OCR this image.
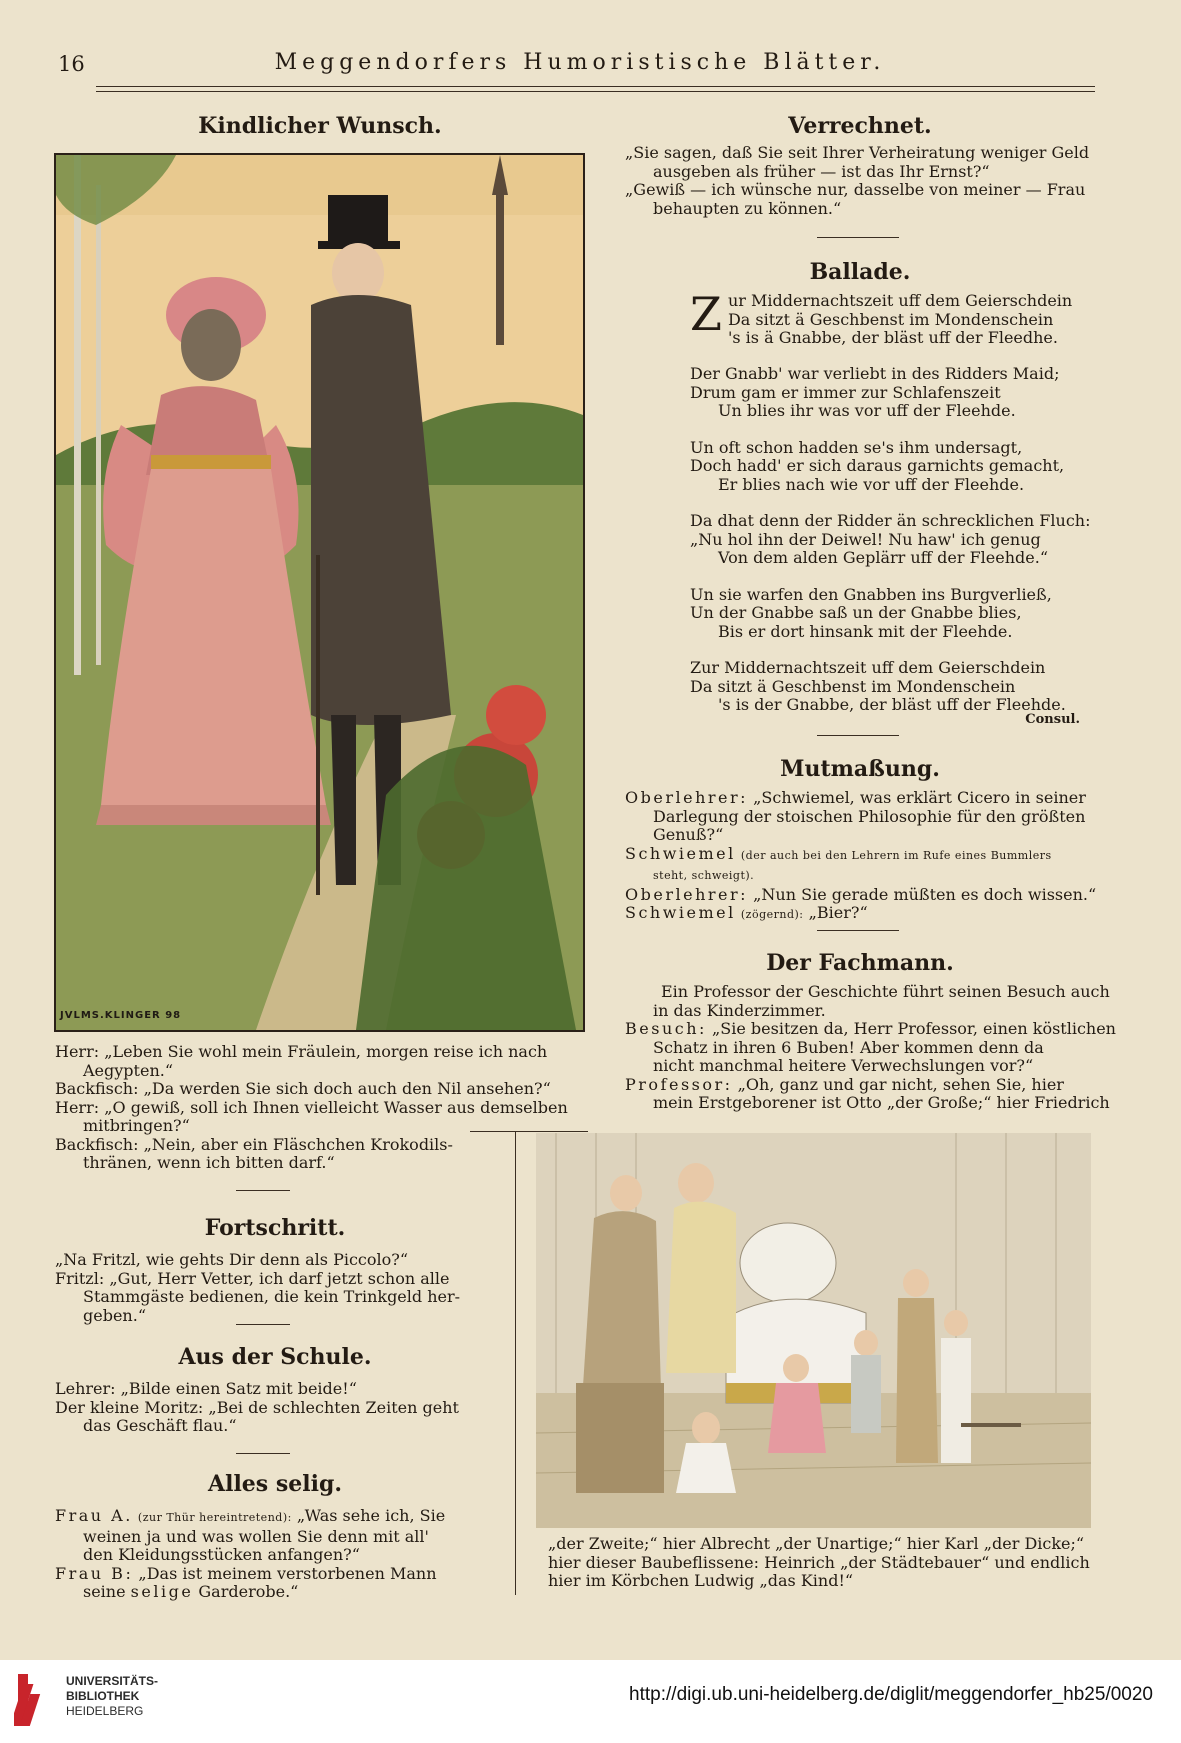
16	Meggendorfers Humoristische Blätter.
Kindlicher Wunsch.
JVLMS.KLINGER 98
Herr: „Leben Sie wohl mein Fräulein, morgen reise ich nach
Aegypten.“
Backfisch: „Da werden Sie sich doch auch den Nil ansehen?“
Herr: „O gewiß, soll ich Ihnen vielleicht Wasser aus demselben
mitbringen?“
Backfisch: „Nein, aber ein Fläschchen Krokodils-
thränen, wenn ich bitten darf.“
Fortschritt.
„Na Fritzl, wie gehts Dir denn als Piccolo?“
Fritzl: „Gut, Herr Vetter, ich darf jetzt schon alle
Stammgäste bedienen, die kein Trinkgeld her-
geben.“
Aus der Schule.
Lehrer: „Bilde einen Satz mit beide!“
Der kleine Moritz: „Bei de schlechten Zeiten geht
das Geschäft flau.“
Alles selig.
Frau A. (zur Thür hereintretend): „Was sehe ich, Sie
weinen ja und was wollen Sie denn mit all'
den Kleidungsstücken anfangen?“
Frau B: „Das ist meinem verstorbenen Mann
seine selige Garderobe.“
Verrechnet.
„Sie sagen, daß Sie seit Ihrer Verheiratung weniger Geld
ausgeben als früher — ist das Ihr Ernst?“
„Gewiß — ich wünsche nur, dasselbe von meiner — Frau
behaupten zu können.“
Ballade.
Z ur Middernachtszeit uff dem Geierschdein
Da sitzt ä Geschbenst im Mondenschein
's is ä Gnabbe, der bläst uff der Fleedhe.
Der Gnabb' war verliebt in des Ridders Maid;
Drum gam er immer zur Schlafenszeit
Un blies ihr was vor uff der Fleehde.
Un oft schon hadden se's ihm undersagt,
Doch hadd' er sich daraus garnichts gemacht,
Er blies nach wie vor uff der Fleehde.
Da dhat denn der Ridder än schrecklichen Fluch:
„Nu hol ihn der Deiwel! Nu haw' ich genug
Von dem alden Geplärr uff der Fleehde.“
Un sie warfen den Gnabben ins Burgverließ,
Un der Gnabbe saß un der Gnabbe blies,
Bis er dort hinsank mit der Fleehde.
Zur Middernachtszeit uff dem Geierschdein
Da sitzt ä Geschbenst im Mondenschein
's is der Gnabbe, der bläst uff der Fleehde.
Consul.
Mutmaßung.
Oberlehrer: „Schwiemel, was erklärt Cicero in seiner
Darlegung der stoischen Philosophie für den größten
Genuß?“
Schwiemel (der auch bei den Lehrern im Rufe eines Bummlers
steht, schweigt).
Oberlehrer: „Nun Sie gerade müßten es doch wissen.“
Schwiemel (zögernd): „Bier?“
Der Fachmann.
Ein Professor der Geschichte führt seinen Besuch auch
in das Kinderzimmer.
Besuch: „Sie besitzen da, Herr Professor, einen köstlichen
Schatz in ihren 6 Buben! Aber kommen denn da
nicht manchmal heitere Verwechslungen vor?“
Professor: „Oh, ganz und gar nicht, sehen Sie, hier
mein Erstgeborener ist Otto „der Große;“ hier Friedrich
„der Zweite;“ hier Albrecht „der Unartige;“ hier Karl „der Dicke;“
hier dieser Baubeflissene: Heinrich „der Städtebauer“ und endlich
hier im Körbchen Ludwig „das Kind!“
UNIVERSITÄTS-
BIBLIOTHEK
HEIDELBERG
http://digi.ub.uni-heidelberg.de/diglit/meggendorfer_hb25/0020
